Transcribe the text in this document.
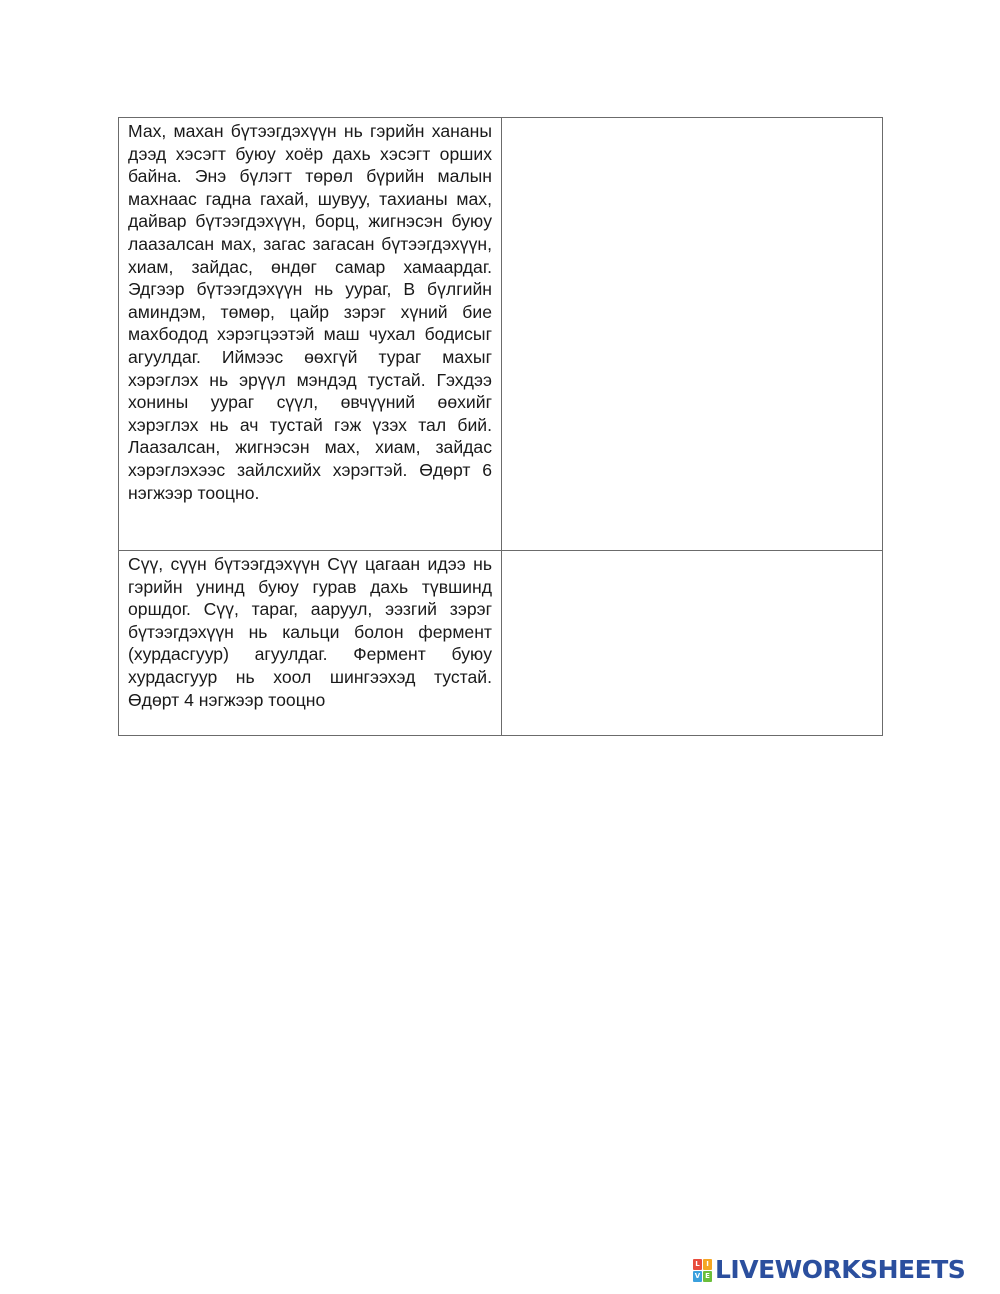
Мах, махан бүтээгдэхүүн нь гэрийн хананы дээд хэсэгт буюу хоёр дахь хэсэгт орших байна. Энэ бүлэгт төрөл бүрийн малын махнаас гадна гахай, шувуу, тахианы мах, дайвар бүтээгдэхүүн, борц, жигнэсэн буюу лаазалсан мах, загас загасан бүтээгдэхүүн, хиам, зайдас, өндөг самар хамаардаг. Эдгээр бүтээгдэхүүн нь уураг, В бүлгийн аминдэм, төмөр, цайр зэрэг хүний бие махбодод хэрэгцээтэй маш чухал бодисыг агуулдаг. Иймээс өөхгүй тураг махыг хэрэглэх нь эрүүл мэндэд тустай. Гэхдээ хонины уураг сүүл, өвчүүний өөхийг хэрэглэх нь ач тустай гэж үзэх тал бий. Лаазалсан, жигнэсэн мах, хиам, зайдас хэрэглэхээс зайлсхийх хэрэгтэй. Өдөрт 6 нэгжээр тооцно.	
Сүү, сүүн бүтээгдэхүүн Сүү цагаан идээ нь гэрийн унинд буюу гурав дахь түвшинд оршдог. Сүү, тараг, ааруул, ээзгий зэрэг бүтээгдэхүүн нь кальци болон фермент (хурдасгуур) агуулдаг. Фермент буюу хурдасгуур нь хоол шингээхэд тустай. Өдөрт 4 нэгжээр тооцно	
L I
V E LIVEWORKSHEETS
